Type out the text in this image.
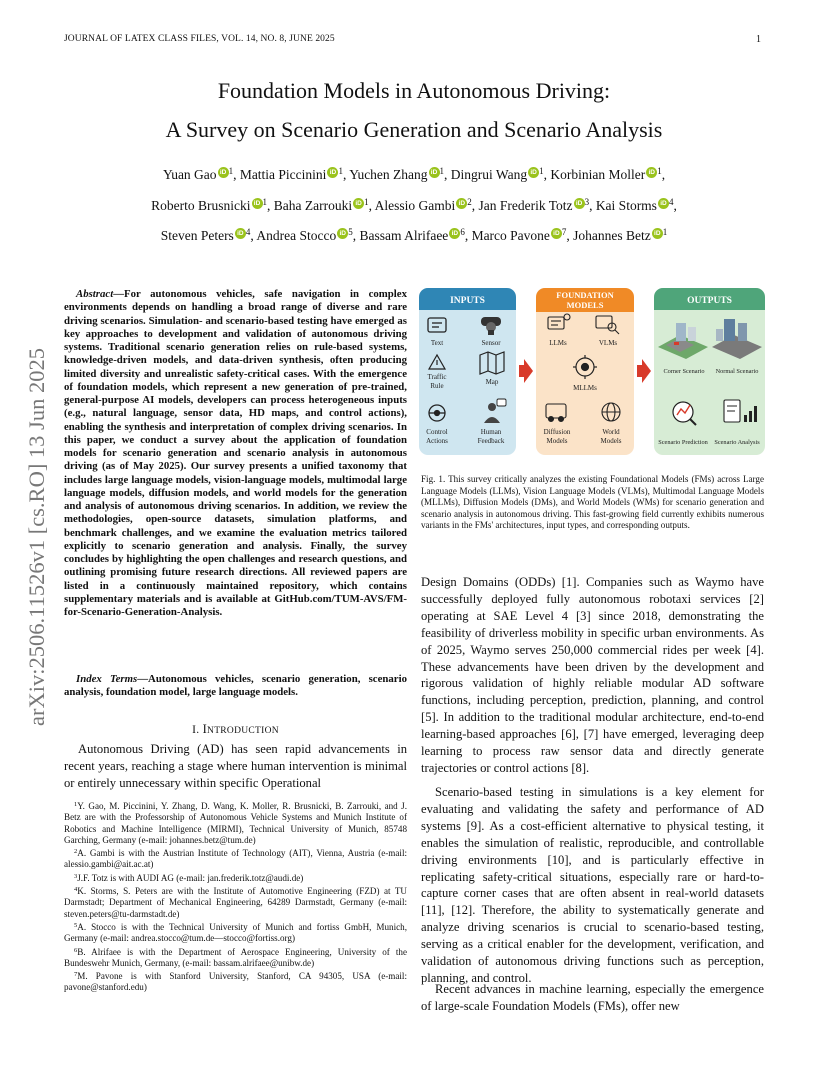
JOURNAL OF LATEX CLASS FILES, VOL. 14, NO. 8, JUNE 2025	1
arXiv:2506.11526v1 [cs.RO] 13 Jun 2025
Foundation Models in Autonomous Driving:
A Survey on Scenario Generation and Scenario Analysis
Yuan Gao iD $^1$, Mattia Piccinini iD $^1$, Yuchen Zhang iD $^1$, Dingrui Wang iD $^1$, Korbinian Moller iD $^1$,
Roberto Brusnicki iD $^1$, Baha Zarrouki iD $^1$, Alessio Gambi iD $^2$, Jan Frederik Totz iD $^3$, Kai Storms iD $^4$,
Steven Peters iD $^4$, Andrea Stocco iD $^5$, Bassam Alrifaee iD $^6$, Marco Pavone iD $^7$, Johannes Betz iD $^1$
Abstract—For autonomous vehicles, safe navigation in complex environments depends on handling a broad range of diverse and rare driving scenarios. Simulation- and scenario-based testing have emerged as key approaches to development and validation of autonomous driving systems. Traditional scenario generation relies on rule-based systems, knowledge-driven models, and data-driven synthesis, often producing limited diversity and unrealistic safety-critical cases. With the emergence of foundation models, which represent a new generation of pre-trained, general-purpose AI models, developers can process heterogeneous inputs (e.g., natural language, sensor data, HD maps, and control actions), enabling the synthesis and interpretation of complex driving scenarios. In this paper, we conduct a survey about the application of foundation models for scenario generation and scenario analysis in autonomous driving (as of May 2025). Our survey presents a unified taxonomy that includes large language models, vision-language models, multimodal large language models, diffusion models, and world models for the generation and analysis of autonomous driving scenarios. In addition, we review the methodologies, open-source datasets, simulation platforms, and benchmark challenges, and we examine the evaluation metrics tailored explicitly to scenario generation and analysis. Finally, the survey concludes by highlighting the open challenges and research questions, and outlining promising future research directions. All reviewed papers are listed in a continuously maintained repository, which contains supplementary materials and is available at GitHub.com/TUM-AVS/FM-for-Scenario-Generation-Analysis.
Index Terms—Autonomous vehicles, scenario generation, scenario analysis, foundation model, large language models.
I. INTRODUCTION
Autonomous Driving (AD) has seen rapid advancements in recent years, reaching a stage where human intervention is minimal or entirely unnecessary within specific Operational
$^1$Y. Gao, M. Piccinini, Y. Zhang, D. Wang, K. Moller, R. Brusnicki, B. Zarrouki, and J. Betz are with the Professorship of Autonomous Vehicle Systems and Munich Institute of Robotics and Machine Intelligence (MIRMI), Technical University of Munich, 85748 Garching, Germany (e-mail: johannes.betz@tum.de)
$^2$A. Gambi is with the Austrian Institute of Technology (AIT), Vienna, Austria (e-mail: alessio.gambi@ait.ac.at)
$^3$J.F. Totz is with AUDI AG (e-mail: jan.frederik.totz@audi.de)
$^4$K. Storms, S. Peters are with the Institute of Automotive Engineering (FZD) at TU Darmstadt; Department of Mechanical Engineering, 64289 Darmstadt, Germany (e-mail: steven.peters@tu-darmstadt.de)
$^5$A. Stocco is with the Technical University of Munich and fortiss GmbH, Munich, Germany (e-mail: andrea.stocco@tum.de—stocco@fortiss.org)
$^6$B. Alrifaee is with the Department of Aerospace Engineering, University of the Bundeswehr Munich, Germany, (e-mail: bassam.alrifaee@unibw.de)
$^7$M. Pavone is with Stanford University, Stanford, CA 94305, USA (e-mail: pavone@stanford.edu)
INPUTS
Text	Sensor
Traffic
Rule	Map
Control
Actions
Human
Feedback
FOUNDATION
MODELS
LLMs	VLMs
MLLMs
Diffusion
Models
World
Models
OUTPUTS
Corner Scenario Normal Scenario
Scenario Prediction Scenario Analysis
Fig. 1. This survey critically analyzes the existing Foundational Models (FMs) across Large Language Models (LLMs), Vision Language Models (VLMs), Multimodal Language Models (MLLMs), Diffusion Models (DMs), and World Models (WMs) for scenario generation and scenario analysis in autonomous driving. This fast-growing field currently exhibits numerous variants in the FMs' architectures, input types, and corresponding outputs.
Design Domains (ODDs) [1]. Companies such as Waymo have successfully deployed fully autonomous robotaxi services [2] operating at SAE Level 4 [3] since 2018, demonstrating the feasibility of driverless mobility in specific urban environments. As of 2025, Waymo serves 250,000 commercial rides per week [4]. These advancements have been driven by the development and rigorous validation of highly reliable modular AD software functions, including perception, prediction, planning, and control [5]. In addition to the traditional modular architecture, end-to-end learning-based approaches [6], [7] have emerged, leveraging deep learning to process raw sensor data and directly generate trajectories or control actions [8].
Scenario-based testing in simulations is a key element for evaluating and validating the safety and performance of AD systems [9]. As a cost-efficient alternative to physical testing, it enables the simulation of realistic, reproducible, and controllable driving environments [10], and is particularly effective in replicating safety-critical situations, especially rare or hard-to-capture corner cases that are often absent in real-world datasets [11], [12]. Therefore, the ability to systematically generate and analyze driving scenarios is crucial to scenario-based testing, serving as a critical enabler for the development, verification, and validation of autonomous driving functions such as perception, planning, and control.
Recent advances in machine learning, especially the emergence of large-scale Foundation Models (FMs), offer new
